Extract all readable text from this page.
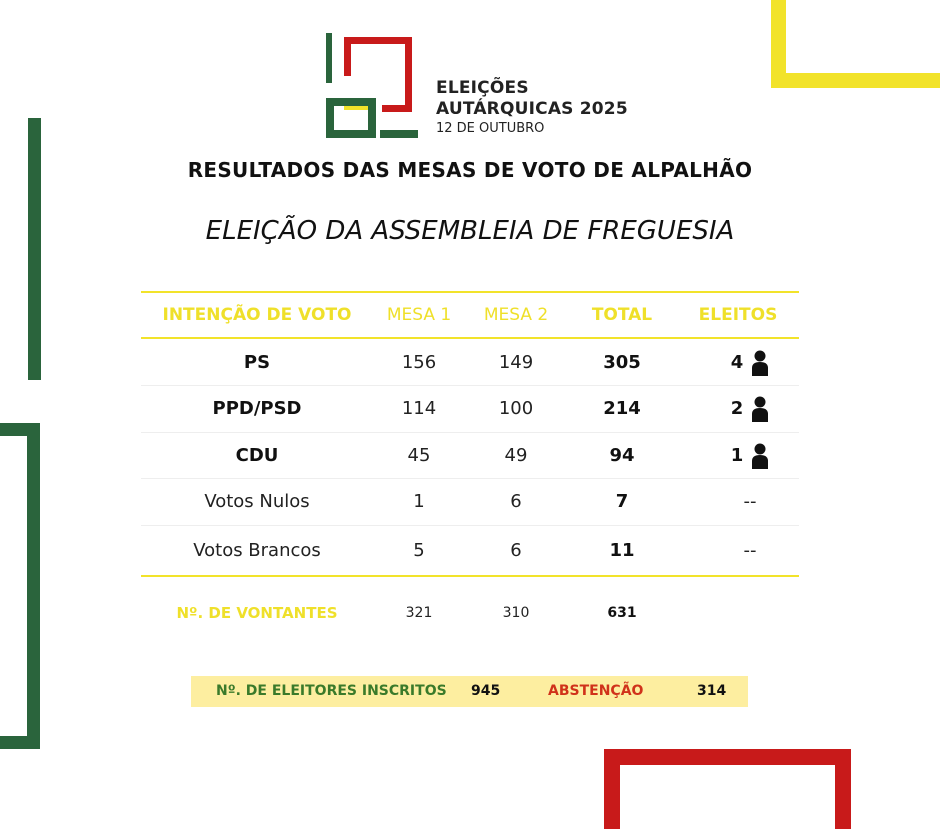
ELEIÇÕES
AUTÁRQUICAS 2025
12 DE OUTUBRO
RESULTADOS DAS MESAS DE VOTO DE ALPALHÃO
ELEIÇÃO DA ASSEMBLEIA DE FREGUESIA
INTENÇÃO DE VOTO	MESA 1	MESA 2	TOTAL	ELEITOS
PS	156	149	305	4
PPD/PSD	114	100	214	2
CDU	45	49	94	1
Votos Nulos	1	6	7	--
Votos Brancos	5	6	11	--
Nº. DE VONTANTES	321	310	631
Nº. DE ELEITORES INSCRITOS 945	ABSTENÇÃO	314
